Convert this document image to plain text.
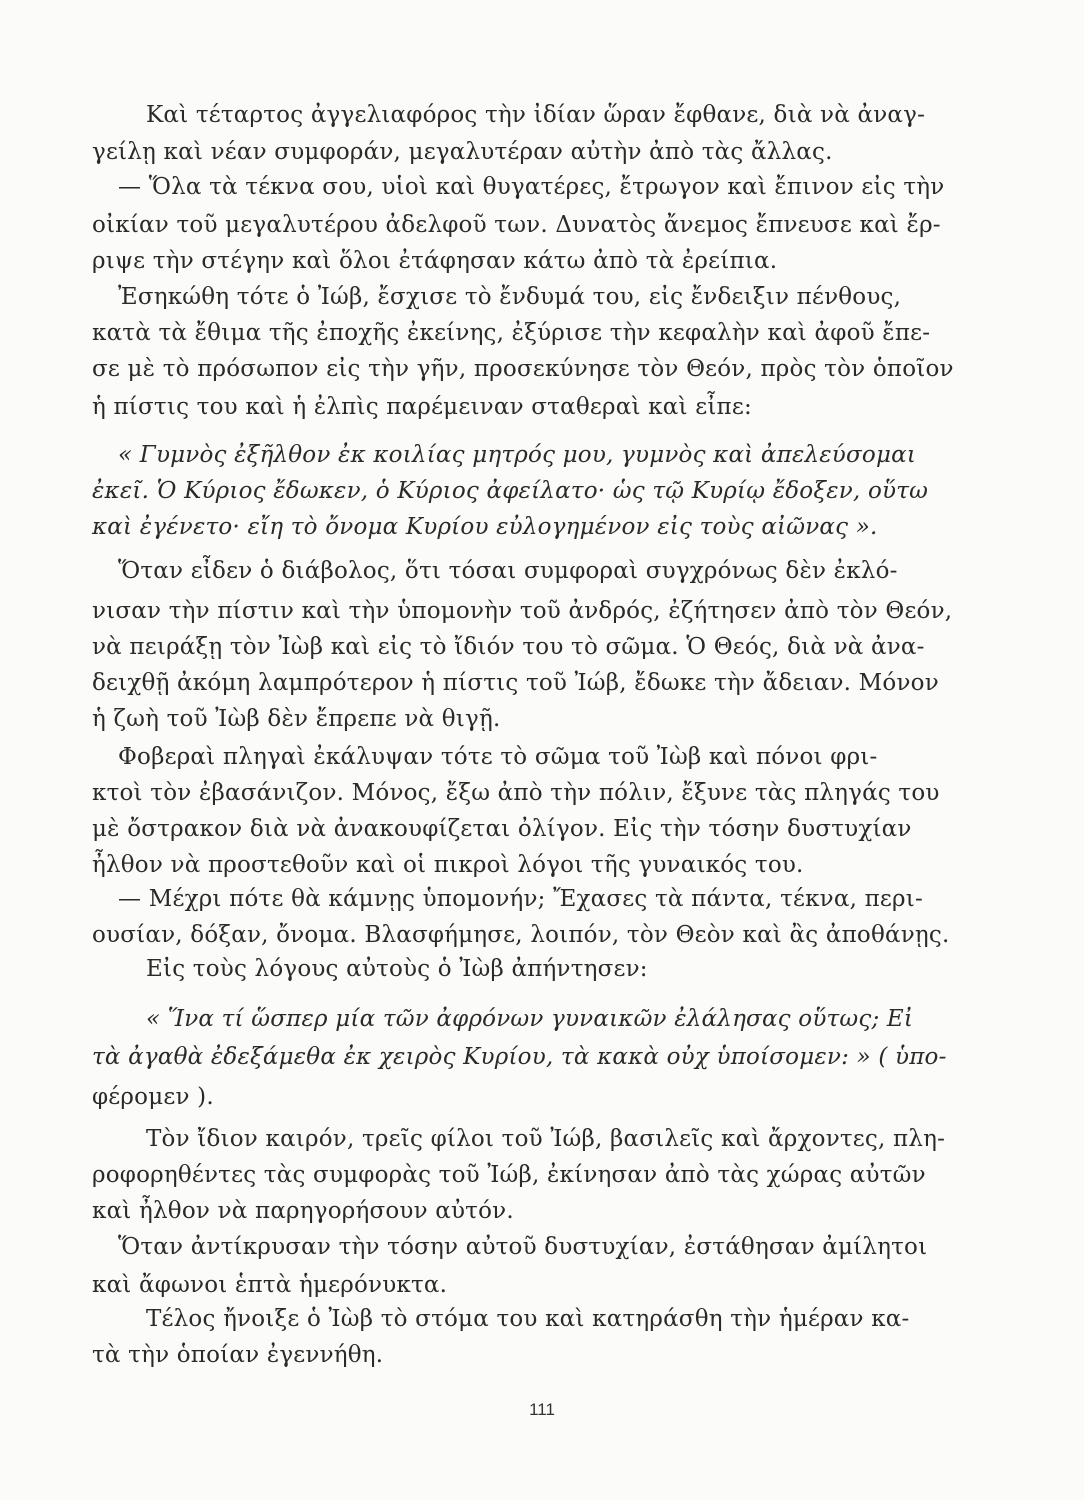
Καὶ τέταρτος ἀγγελιαφόρος τὴν ἰδίαν ὥραν ἔφθανε, διὰ νὰ ἀναγ-
γείλῃ καὶ νέαν συμφοράν, μεγαλυτέραν αὐτὴν ἀπὸ τὰς ἄλλας.
— Ὅλα τὰ τέκνα σου, υἱοὶ καὶ θυγατέρες, ἔτρωγον καὶ ἔπινον εἰς τὴν
οἰκίαν τοῦ μεγαλυτέρου ἀδελφοῦ των. Δυνατὸς ἄνεμος ἔπνευσε καὶ ἔρ-
ριψε τὴν στέγην καὶ ὅλοι ἐτάφησαν κάτω ἀπὸ τὰ ἐρείπια.
Ἐσηκώθη τότε ὁ Ἰώβ, ἔσχισε τὸ ἔνδυμά του, εἰς ἔνδειξιν πένθους,
κατὰ τὰ ἔθιμα τῆς ἐποχῆς ἐκείνης, ἐξύρισε τὴν κεφαλὴν καὶ ἀφοῦ ἔπε-
σε μὲ τὸ πρόσωπον εἰς τὴν γῆν, προσεκύνησε τὸν Θεόν, πρὸς τὸν ὁποῖον
ἡ πίστις του καὶ ἡ ἐλπὶς παρέμειναν σταθεραὶ καὶ εἶπε:
« Γυμνὸς ἐξῆλθον ἐκ κοιλίας μητρός μου, γυμνὸς καὶ ἀπελεύσομαι
ἐκεῖ. Ὁ Κύριος ἔδωκεν, ὁ Κύριος ἀφείλατο· ὡς τῷ Κυρίῳ ἔδοξεν, οὕτω
καὶ ἐγένετο· εἴη τὸ ὄνομα Κυρίου εὐλογημένον εἰς τοὺς αἰῶνας ».
Ὅταν εἶδεν ὁ διάβολος, ὅτι τόσαι συμφοραὶ συγχρόνως δὲν ἐκλό-
νισαν τὴν πίστιν καὶ τὴν ὑπομονὴν τοῦ ἀνδρός, ἐζήτησεν ἀπὸ τὸν Θεόν,
νὰ πειράξῃ τὸν Ἰὼβ καὶ εἰς τὸ ἴδιόν του τὸ σῶμα. Ὁ Θεός, διὰ νὰ ἀνα-
δειχθῇ ἀκόμη λαμπρότερον ἡ πίστις τοῦ Ἰώβ, ἔδωκε τὴν ἄδειαν. Μόνον
ἡ ζωὴ τοῦ Ἰὼβ δὲν ἔπρεπε νὰ θιγῇ.
Φοβεραὶ πληγαὶ ἐκάλυψαν τότε τὸ σῶμα τοῦ Ἰὼβ καὶ πόνοι φρι-
κτοὶ τὸν ἐβασάνιζον. Μόνος, ἔξω ἀπὸ τὴν πόλιν, ἔξυνε τὰς πληγάς του
μὲ ὄστρακον διὰ νὰ ἀνακουφίζεται ὀλίγον. Εἰς τὴν τόσην δυστυχίαν
ἦλθον νὰ προστεθοῦν καὶ οἱ πικροὶ λόγοι τῆς γυναικός του.
— Μέχρι πότε θὰ κάμνῃς ὑπομονήν; Ἔχασες τὰ πάντα, τέκνα, περι-
ουσίαν, δόξαν, ὄνομα. Βλασφήμησε, λοιπόν, τὸν Θεὸν καὶ ἂς ἀποθάνῃς.
Εἰς τοὺς λόγους αὐτοὺς ὁ Ἰὼβ ἀπήντησεν:
« Ἵνα τί ὥσπερ μία τῶν ἀφρόνων γυναικῶν ἐλάλησας οὕτως; Εἰ
τὰ ἀγαθὰ ἐδεξάμεθα ἐκ χειρὸς Κυρίου, τὰ κακὰ οὐχ ὑποίσομεν: » ( ὑπο-
φέρομεν ).
Τὸν ἴδιον καιρόν, τρεῖς φίλοι τοῦ Ἰώβ, βασιλεῖς καὶ ἄρχοντες, πλη-
ροφορηθέντες τὰς συμφορὰς τοῦ Ἰώβ, ἐκίνησαν ἀπὸ τὰς χώρας αὐτῶν
καὶ ἦλθον νὰ παρηγορήσουν αὐτόν.
Ὅταν ἀντίκρυσαν τὴν τόσην αὐτοῦ δυστυχίαν, ἐστάθησαν ἀμίλητοι
καὶ ἄφωνοι ἑπτὰ ἡμερόνυκτα.
Τέλος ἤνοιξε ὁ Ἰὼβ τὸ στόμα του καὶ κατηράσθη τὴν ἡμέραν κα-
τὰ τὴν ὁποίαν ἐγεννήθη.
111
